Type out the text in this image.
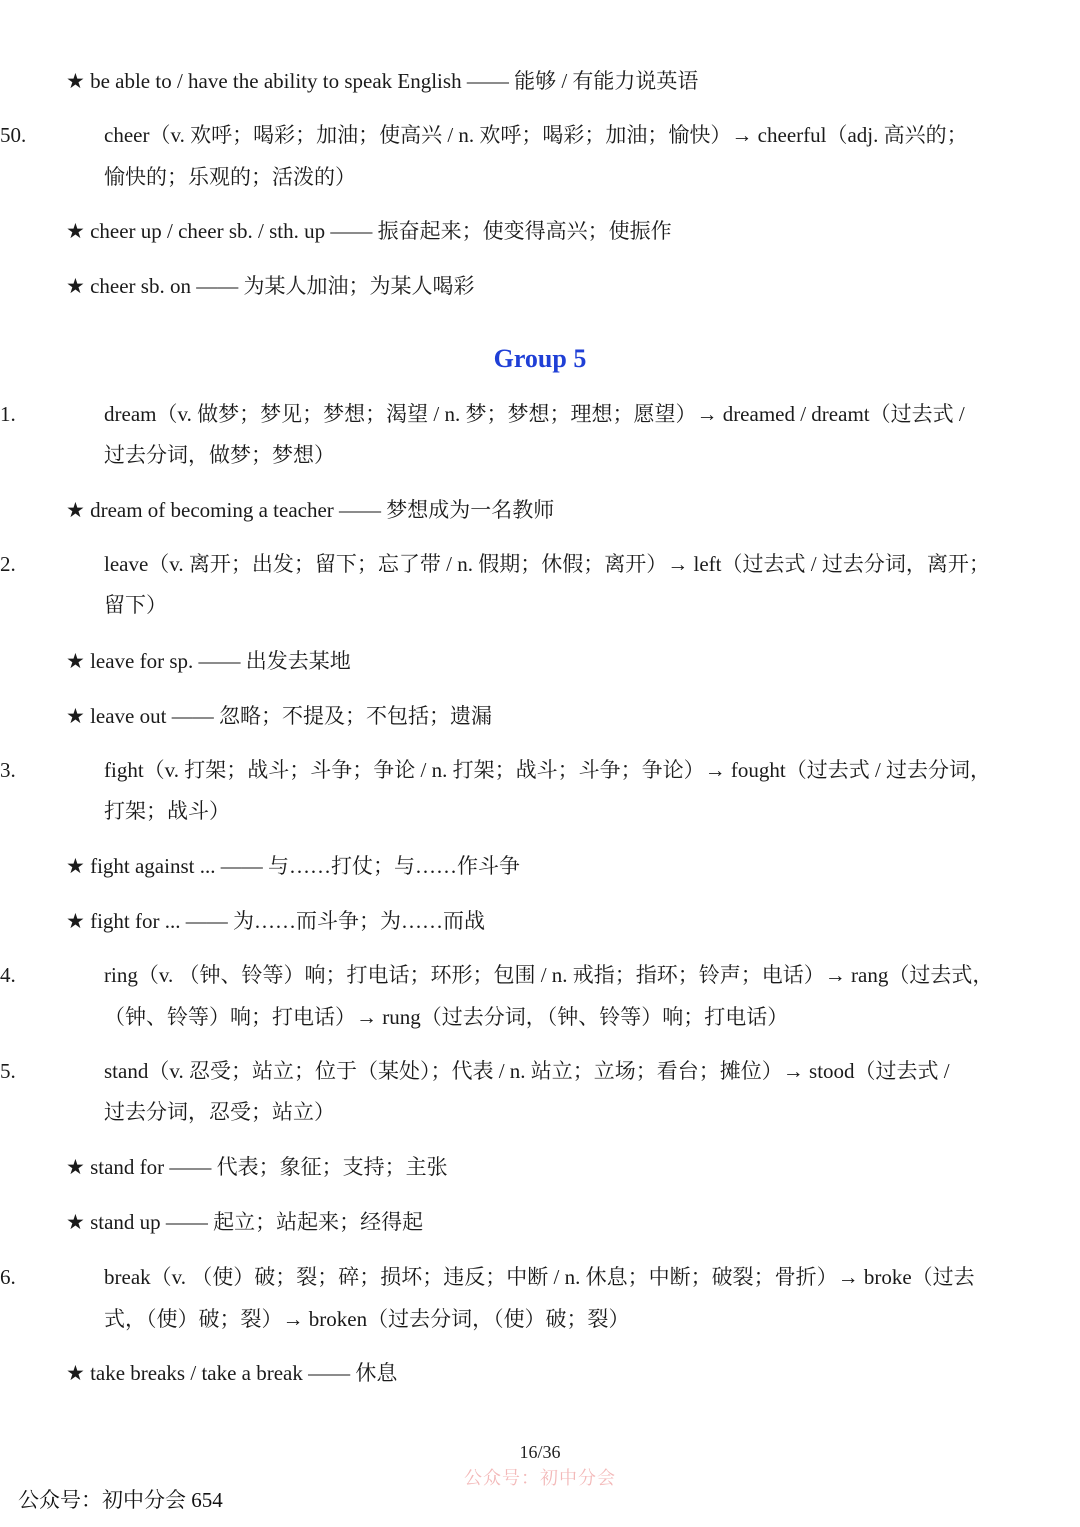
★ be able to / have the ability to speak English —— 能够 / 有能力说英语
50.	cheer（v. 欢呼；喝彩；加油；使高兴 / n. 欢呼；喝彩；加油；愉快）→ cheerful（adj. 高兴的；
愉快的；乐观的；活泼的）
★ cheer up / cheer sb. / sth. up —— 振奋起来；使变得高兴；使振作
★ cheer sb. on —— 为某人加油；为某人喝彩
Group 5
1.	dream（v. 做梦；梦见；梦想；渴望 / n. 梦；梦想；理想；愿望）→ dreamed / dreamt（过去式 /
过去分词，做梦；梦想）
★ dream of becoming a teacher —— 梦想成为一名教师
2.	leave（v. 离开；出发；留下；忘了带 / n. 假期；休假；离开）→ left（过去式 / 过去分词，离开；
留下）
★ leave for sp. —— 出发去某地
★ leave out —— 忽略；不提及；不包括；遗漏
3.	fight（v. 打架；战斗；斗争；争论 / n. 打架；战斗；斗争；争论）→ fought（过去式 / 过去分词，
打架；战斗）
★ fight against ... —— 与……打仗；与……作斗争
★ fight for ... —— 为……而斗争；为……而战
4.	ring（v. （钟、铃等）响；打电话；环形；包围 / n. 戒指；指环；铃声；电话）→ rang（过去式，
（钟、铃等）响；打电话）→ rung（过去分词，（钟、铃等）响；打电话）
5.	stand（v. 忍受；站立；位于（某处）；代表 / n. 站立；立场；看台；摊位）→ stood（过去式 /
过去分词，忍受；站立）
★ stand for —— 代表；象征；支持；主张
★ stand up —— 起立；站起来；经得起
6.	break（v. （使）破；裂；碎；损坏；违反；中断 / n. 休息；中断；破裂；骨折）→ broke（过去
式，（使）破；裂）→ broken（过去分词，（使）破；裂）
★ take breaks / take a break —— 休息
16/36
公众号：初中分会
公众号：初中分会 654
